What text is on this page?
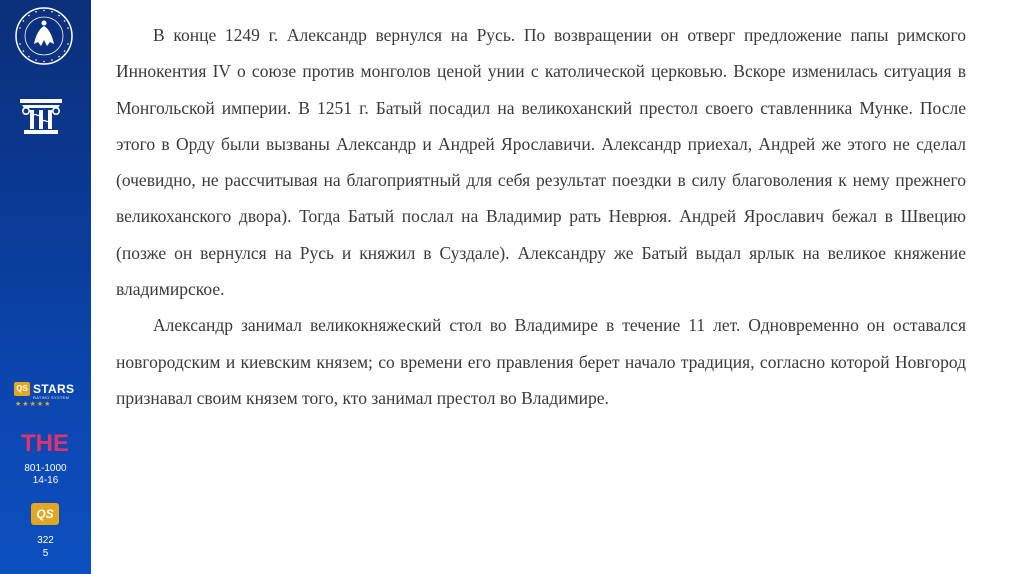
QS STARS
RATING SYSTEM
★★★★★
THE
801-1000
14-16
QS
322
5

В конце 1249 г. Александр вернулся на Русь. По возвращении он отверг предложение папы римского Иннокентия IV о союзе против монголов ценой унии с католической церковью. Вскоре изменилась ситуация в Монгольской империи. В 1251 г. Батый посадил на великоханский престол своего ставленника Мунке. После этого в Орду были вызваны Александр и Андрей Ярославичи. Александр приехал, Андрей же этого не сделал (очевидно, не рассчитывая на благоприятный для себя результат поездки в силу благоволения к нему прежнего великоханского двора). Тогда Батый послал на Владимир рать Неврюя. Андрей Ярославич бежал в Швецию (позже он вернулся на Русь и княжил в Суздале). Александру же Батый выдал ярлык на великое княжение владимирское.

Александр занимал великокняжеский стол во Владимире в течение 11 лет. Одновременно он оставался новгородским и киевским князем; со времени его правления берет начало традиция, согласно которой Новгород признавал своим князем того, кто занимал престол во Владимире.
